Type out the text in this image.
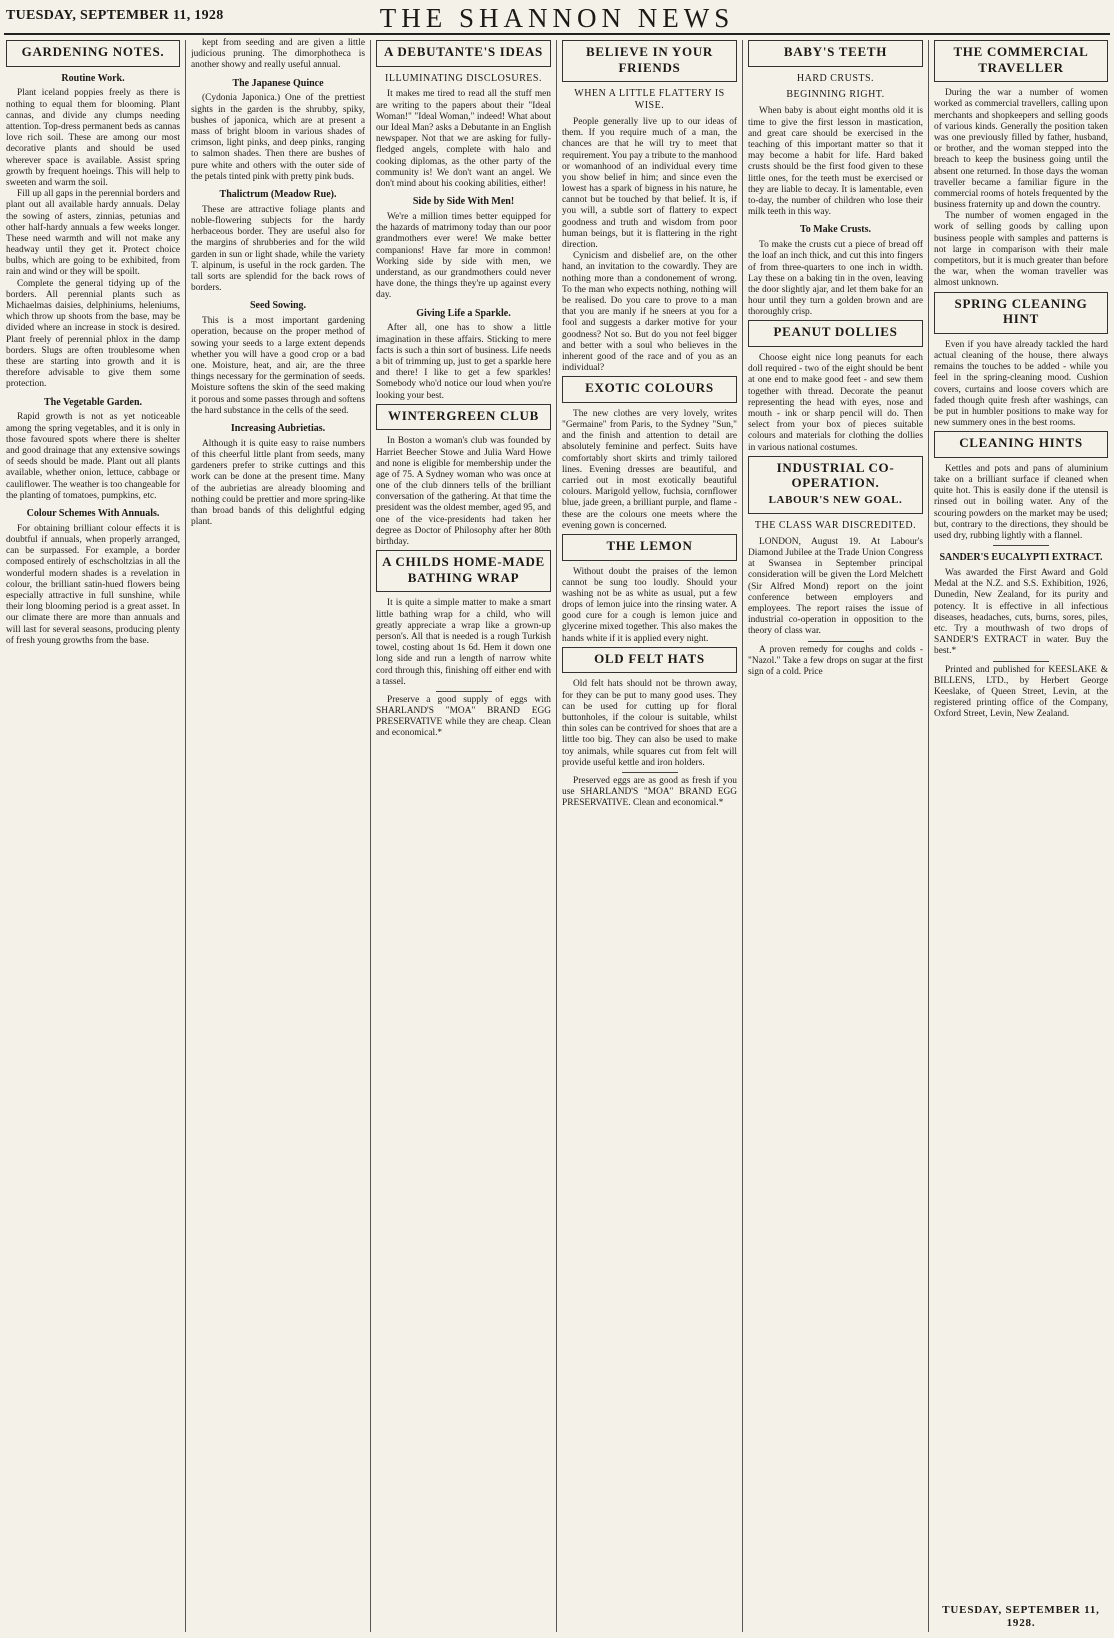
TUESDAY, SEPTEMBER 11, 1928	THE SHANNON NEWS
GARDENING NOTES.
Routine Work.

Plant iceland poppies freely as there is nothing to equal them for blooming. Plant cannas, and divide any clumps needing attention. Top-dress permanent beds as cannas love rich soil. These are among our most decorative plants and should be used wherever space is available. Assist spring growth by frequent hoeings. This will help to sweeten and warm the soil.

Fill up all gaps in the perennial borders and plant out all available hardy annuals. Delay the sowing of asters, zinnias, petunias and other half-hardy annuals a few weeks longer. These need warmth and will not make any headway until they get it. Protect choice bulbs, which are going to be exhibited, from rain and wind or they will be spoilt.

Complete the general tidying up of the borders. All perennial plants such as Michaelmas daisies, delphiniums, heleniums, which throw up shoots from the base, may be divided where an increase in stock is desired. Plant freely of perennial phlox in the damp borders. Slugs are often troublesome when these are starting into growth and it is therefore advisable to give them some protection.

The Vegetable Garden.

Rapid growth is not as yet noticeable among the spring vegetables, and it is only in those favoured spots where there is shelter and good drainage that any extensive sowings of seeds should be made. Plant out all plants available, whether onion, lettuce, cabbage or cauliflower. The weather is too changeable for the planting of tomatoes, pumpkins, etc.

Colour Schemes With Annuals.

For obtaining brilliant colour effects it is doubtful if annuals, when properly arranged, can be surpassed. For example, a border composed entirely of eschscholtzias in all the wonderful modern shades is a revelation in colour, the brilliant satin-hued flowers being especially attractive in full sunshine, while their long blooming period is a great asset. In our climate there are more than annuals and will last for several seasons, producing plenty of fresh young growths from the base.

kept from seeding and are given a little judicious pruning. The dimorphotheca is another showy and really useful annual.

The Japanese Quince

(Cydonia Japonica.) One of the prettiest sights in the garden is the shrubby, spiky, bushes of japonica, which are at present a mass of bright bloom in various shades of crimson, light pinks, and deep pinks, ranging to salmon shades. Then there are bushes of pure white and others with the outer side of the petals tinted pink with pretty pink buds.

Thalictrum (Meadow Rue).

These are attractive foliage plants and noble-flowering subjects for the hardy herbaceous border. They are useful also for the margins of shrubberies and for the wild garden in sun or light shade, while the variety T. alpinum, is useful in the rock garden. The tall sorts are splendid for the back rows of borders.

Seed Sowing.

This is a most important gardening operation, because on the proper method of sowing your seeds to a large extent depends whether you will have a good crop or a bad one. Moisture, heat, and air, are the three things necessary for the germination of seeds. Moisture softens the skin of the seed making it porous and some passes through and softens the hard substance in the cells of the seed.

Increasing Aubrietias.

Although it is quite easy to raise numbers of this cheerful little plant from seeds, many gardeners prefer to strike cuttings and this work can be done at the present time. Many of the aubrietias are already blooming and nothing could be prettier and more spring-like than broad bands of this delightful edging plant.

A DEBUTANTE'S IDEAS
ILLUMINATING DISCLOSURES.

It makes me tired to read all the stuff men are writing to the papers about their "Ideal Woman!" "Ideal Woman," indeed! What about our Ideal Man? asks a Debutante in an English newspaper. Not that we are asking for fully-fledged angels, complete with halo and cooking diplomas, as the other party of the community is! We don't want an angel. We don't mind about his cooking abilities, either!

Side by Side With Men!

We're a million times better equipped for the hazards of matrimony today than our poor grandmothers ever were! We make better companions! Have far more in common! Working side by side with men, we understand, as our grandmothers could never have done, the things they're up against every day.

Giving Life a Sparkle.

After all, one has to show a little imagination in these affairs. Sticking to mere facts is such a thin sort of business. Life needs a bit of trimming up, just to get a sparkle here and there! I like to get a few sparkles! Somebody who'd notice our loud when you're looking your best.

WINTERGREEN CLUB

In Boston a woman's club was founded by Harriet Beecher Stowe and Julia Ward Howe and none is eligible for membership under the age of 75. A Sydney woman who was once at one of the club dinners tells of the brilliant conversation of the gathering. At that time the president was the oldest member, aged 95, and one of the vice-presidents had taken her degree as Doctor of Philosophy after her 80th birthday.

A CHILDS HOME-MADE BATHING WRAP

It is quite a simple matter to make a smart little bathing wrap for a child, who will greatly appreciate a wrap like a grown-up person's. All that is needed is a rough Turkish towel, costing about 1s 6d. Hem it down one long side and run a length of narrow white cord through this, finishing off either end with a tassel.

Preserve a good supply of eggs with SHARLAND'S "MOA" BRAND EGG PRESERVATIVE while they are cheap. Clean and economical.*

BELIEVE IN YOUR FRIENDS
WHEN A LITTLE FLATTERY IS WISE.

People generally live up to our ideas of them. If you require much of a man, the chances are that he will try to meet that requirement. You pay a tribute to the manhood or womanhood of an individual every time you show belief in him; and since even the lowest has a spark of bigness in his nature, he cannot but be touched by that belief. It is, if you will, a subtle sort of flattery to expect goodness and truth and wisdom from poor human beings, but it is flattering in the right direction.

Cynicism and disbelief are, on the other hand, an invitation to the cowardly. They are nothing more than a condonement of wrong. To the man who expects nothing, nothing will be realised. Do you care to prove to a man that you are manly if he sneers at you for a fool and suggests a darker motive for your goodness? Not so. But do you not feel bigger and better with a soul who believes in the inherent good of the race and of you as an individual?

EXOTIC COLOURS

The new clothes are very lovely, writes "Germaine" from Paris, to the Sydney "Sun," and the finish and attention to detail are absolutely feminine and perfect. Suits have comfortably short skirts and trimly tailored lines. Evening dresses are beautiful, and carried out in most exotically beautiful colours. Marigold yellow, fuchsia, cornflower blue, jade green, a brilliant purple, and flame - these are the colours one meets where the evening gown is concerned.

THE LEMON

Without doubt the praises of the lemon cannot be sung too loudly. Should your washing not be as white as usual, put a few drops of lemon juice into the rinsing water. A good cure for a cough is lemon juice and glycerine mixed together. This also makes the hands white if it is applied every night.

OLD FELT HATS

Old felt hats should not be thrown away, for they can be put to many good uses. They can be used for cutting up for floral buttonholes, if the colour is suitable, whilst thin soles can be contrived for shoes that are a little too big. They can also be used to make toy animals, while squares cut from felt will provide useful kettle and iron holders.

Preserved eggs are as good as fresh if you use SHARLAND'S "MOA" BRAND EGG PRESERVATIVE. Clean and economical.*

BABY'S TEETH
HARD CRUSTS.
BEGINNING RIGHT.

When baby is about eight months old it is time to give the first lesson in mastication, and great care should be exercised in the teaching of this important matter so that it may become a habit for life. Hard baked crusts should be the first food given to these little ones, for the teeth must be exercised or they are liable to decay. It is lamentable, even to-day, the number of children who lose their milk teeth in this way.

To Make Crusts.

To make the crusts cut a piece of bread off the loaf an inch thick, and cut this into fingers of from three-quarters to one inch in width. Lay these on a baking tin in the oven, leaving the door slightly ajar, and let them bake for an hour until they turn a golden brown and are thoroughly crisp.

PEANUT DOLLIES

Choose eight nice long peanuts for each doll required - two of the eight should be bent at one end to make good feet - and sew them together with thread. Decorate the peanut representing the head with eyes, nose and mouth - ink or sharp pencil will do. Then select from your box of pieces suitable colours and materials for clothing the dollies in various national costumes.

INDUSTRIAL CO-OPERATION.
LABOUR'S NEW GOAL.
THE CLASS WAR DISCREDITED.

LONDON, August 19. At Labour's Diamond Jubilee at the Trade Union Congress at Swansea in September principal consideration will be given the Lord Melchett (Sir Alfred Mond) report on the joint conference between employers and employees. The report raises the issue of industrial co-operation in opposition to the theory of class war.

A proven remedy for coughs and colds - "Nazol." Take a few drops on sugar at the first sign of a cold. Price

THE COMMERCIAL TRAVELLER

During the war a number of women worked as commercial travellers, calling upon merchants and shopkeepers and selling goods of various kinds. Generally the position taken was one previously filled by father, husband, or brother, and the woman stepped into the breach to keep the business going until the absent one returned. In those days the woman traveller became a familiar figure in the commercial rooms of hotels frequented by the business fraternity up and down the country.

The number of women engaged in the work of selling goods by calling upon business people with samples and patterns is not large in comparison with their male competitors, but it is much greater than before the war, when the woman traveller was almost unknown.

SPRING CLEANING HINT

Even if you have already tackled the hard actual cleaning of the house, there always remains the touches to be added - while you feel in the spring-cleaning mood. Cushion covers, curtains and loose covers which are faded though quite fresh after washings, can be put in humbler positions to make way for new summery ones in the best rooms.

CLEANING HINTS

Kettles and pots and pans of aluminium take on a brilliant surface if cleaned when quite hot. This is easily done if the utensil is rinsed out in boiling water. Any of the scouring powders on the market may be used; but, contrary to the directions, they should be used dry, rubbing lightly with a flannel.

SANDER'S EUCALYPTI EXTRACT.

Was awarded the First Award and Gold Medal at the N.Z. and S.S. Exhibition, 1926, Dunedin, New Zealand, for its purity and potency. It is effective in all infectious diseases, headaches, cuts, burns, sores, piles, etc. Try a mouthwash of two drops of SANDER'S EXTRACT in water. Buy the best.*

Printed and published for KEESLAKE & BILLENS, LTD., by Herbert George Keeslake, of Queen Street, Levin, at the registered printing office of the Company, Oxford Street, Levin, New Zealand.

TUESDAY, SEPTEMBER 11, 1928.
